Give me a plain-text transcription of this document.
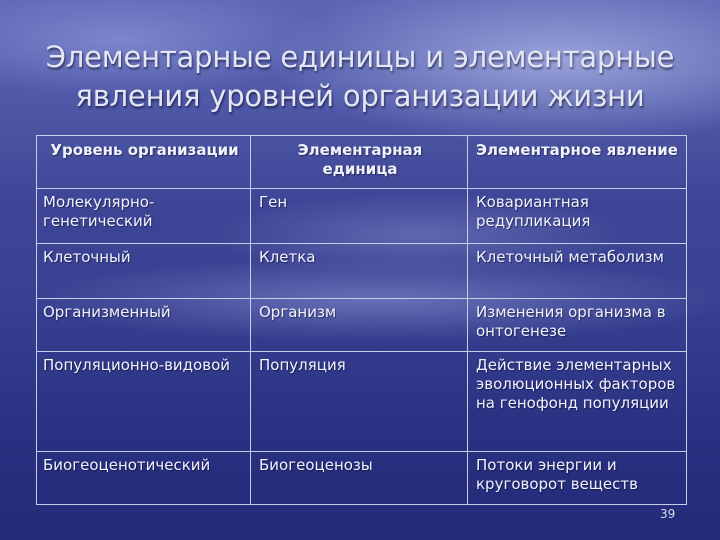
Элементарные единицы и элементарные
явления уровней организации жизни
Уровень организации	Элементарная единица	Элементарное явление
Молекулярно-генетический	Ген	Ковариантная редупликация
Клеточный	Клетка	Клеточный метаболизм
Организменный	Организм	Изменения организма в онтогенезе
Популяционно-видовой	Популяция	Действие элементарных эволюционных факторов на генофонд популяции
Биогеоценотический	Биогеоценозы	Потоки энергии и круговорот веществ
39
